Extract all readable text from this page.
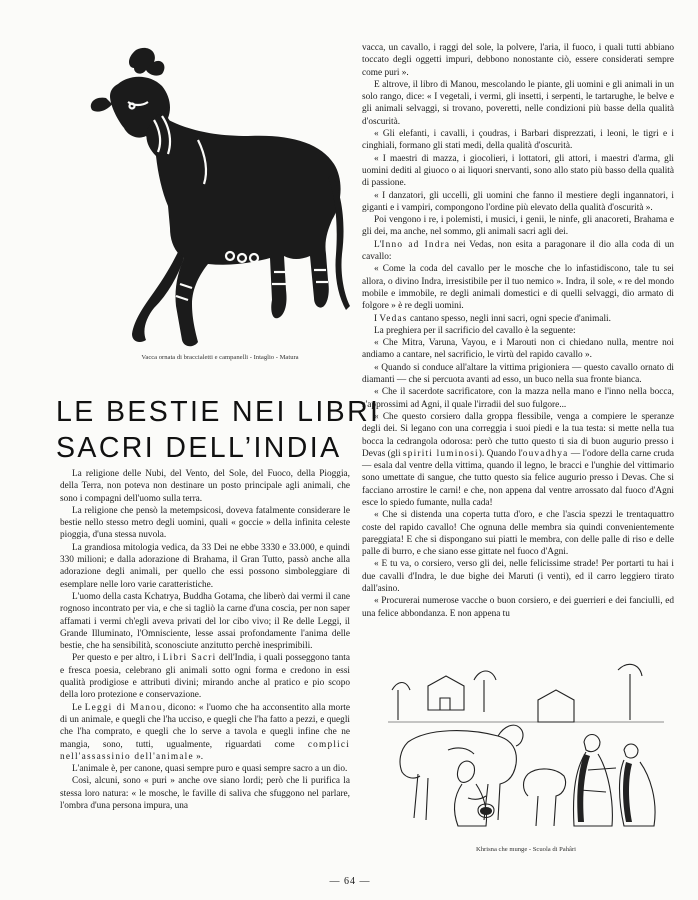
Vacca ornata di braccialetti e campanelli - Intaglio - Matura
LE BESTIE NEI LIBRI
SACRI DELL’INDIA

La religione delle Nubi, del Vento, del Sole, del Fuoco, della Pioggia, della Terra, non poteva non destinare un posto principale agli animali, che sono i compagni dell'uomo sulla terra.

La religione che pensò la metempsicosi, doveva fatalmente considerare le bestie nello stesso metro degli uomini, quali « goccie » della infinita celeste pioggia, d'una stessa nuvola.

La grandiosa mitologia vedica, da 33 Dei ne ebbe 3330 e 33.000, e quindi 330 milioni; e dalla adorazione di Brahama, il Gran Tutto, passò anche alla adorazione degli animali, per quello che essi possono simboleggiare di esemplare nelle loro varie caratteristiche.

L'uomo della casta Kchatrya, Buddha Gotama, che liberò dai vermi il cane rognoso incontrato per via, e che si tagliò la carne d'una coscia, per non saper affamati i vermi ch'egli aveva privati del lor cibo vivo; il Re delle Leggi, il Grande Illuminato, l'Omnisciente, lesse assai profondamente l'anima delle bestie, che ha sensibilità, sconosciute anzitutto perchè inesprimibili.

Per questo e per altro, i Libri Sacri dell'India, i quali posseggono tanta e fresca poesia, celebrano gli animali sotto ogni forma e credono in essi qualità prodigiose e attributi divini; mirando anche al pratico e pio scopo della loro protezione e conservazione.

Le Leggi di Manou, dicono: « l'uomo che ha acconsentito alla morte di un animale, e quegli che l'ha ucciso, e quegli che l'ha fatto a pezzi, e quegli che l'ha comprato, e quegli che lo serve a tavola e quegli infine che ne mangia, sono, tutti, ugualmente, riguardati come complici nell'assassinio dell'animale ».

L'animale è, per canone, quasi sempre puro e quasi sempre sacro a un dio.

Così, alcuni, sono « puri » anche ove siano lordi; però che li purifica la stessa loro natura: « le mosche, le faville di saliva che sfuggono nel parlare, l'ombra d'una persona impura, una

vacca, un cavallo, i raggi del sole, la polvere, l'aria, il fuoco, i quali tutti abbiano toccato degli oggetti impuri, debbono nonostante ciò, essere considerati sempre come puri ».

E altrove, il libro di Manou, mescolando le piante, gli uomini e gli animali in un solo rango, dice: « I vegetali, i vermi, gli insetti, i serpenti, le tartarughe, le belve e gli animali selvaggi, si trovano, poveretti, nelle condizioni più basse della qualità d'oscurità.

« Gli elefanti, i cavalli, i çoudras, i Barbari disprezzati, i leoni, le tigri e i cinghiali, formano gli stati medi, della qualità d'oscurità.

« I maestri di mazza, i giocolieri, i lottatori, gli attori, i maestri d'arma, gli uomini dediti al giuoco o ai liquori snervanti, sono allo stato più basso della qualità di passione.

« I danzatori, gli uccelli, gli uomini che fanno il mestiere degli ingannatori, i giganti e i vampiri, compongono l'ordine più elevato della qualità d'oscurità ».

Poi vengono i re, i polemisti, i musici, i genii, le ninfe, gli anacoreti, Brahama e gli dei, ma anche, nel sommo, gli animali sacri agli dei.

L'Inno ad Indra nei Vedas, non esita a paragonare il dio alla coda di un cavallo:

« Come la coda del cavallo per le mosche che lo infastidiscono, tale tu sei allora, o divino Indra, irresistibile per il tuo nemico ». Indra, il sole, « re del mondo mobile e immobile, re degli animali domestici e di quelli selvaggi, dio armato di folgore » è re degli uomini.

I Vedas cantano spesso, negli inni sacri, ogni specie d'animali.

La preghiera per il sacrificio del cavallo è la seguente:

« Che Mitra, Varuna, Vayou, e i Marouti non ci chiedano nulla, mentre noi andiamo a cantare, nel sacrificio, le virtù del rapido cavallo ».

« Quando si conduce all'altare la vittima prigioniera — questo cavallo ornato di diamanti — che si percuota avanti ad esso, un buco nella sua fronte bianca.

« Che il sacerdote sacrificatore, con la mazza nella mano e l'inno nella bocca, s'approssimi ad Agni, il quale l'irradii del suo fulgore...

« Che questo corsiero dalla groppa flessibile, venga a compiere le speranze degli dei. Si legano con una correggia i suoi piedi e la tua testa: si mette nella tua bocca la cedrangola odorosa: però che tutto questo ti sia di buon augurio presso i Devas (gli spiriti luminosi). Quando l'ouvadhya — l'odore della carne cruda — esala dal ventre della vittima, quando il legno, le bracci e l'unghie del vittimario sono umettate di sangue, che tutto questo sia felice augurio presso i Devas. Che si facciano arrostire le carni! e che, non appena dal ventre arrossato dal fuoco d'Agni esce lo spiedo fumante, nulla cada!

« Che si distenda una coperta tutta d'oro, e che l'ascia spezzi le trentaquattro coste del rapido cavallo! Che ognuna delle membra sia quindi convenientemente pareggiata! E che si dispongano sui piatti le membra, con delle palle di riso e delle palle di burro, e che siano esse gittate nel fuoco d'Agni.

« E tu va, o corsiero, verso gli dei, nelle felicissime strade! Per portarti tu hai i due cavalli d'Indra, le due bighe dei Maruti (i venti), ed il carro leggiero tirato dall'asino.

« Procurerai numerose vacche o buon corsiero, e dei guerrieri e dei fanciulli, ed una felice abbondanza. E non appena tu

Khrisna che munge - Scuola di Pahâri
— 64 —
